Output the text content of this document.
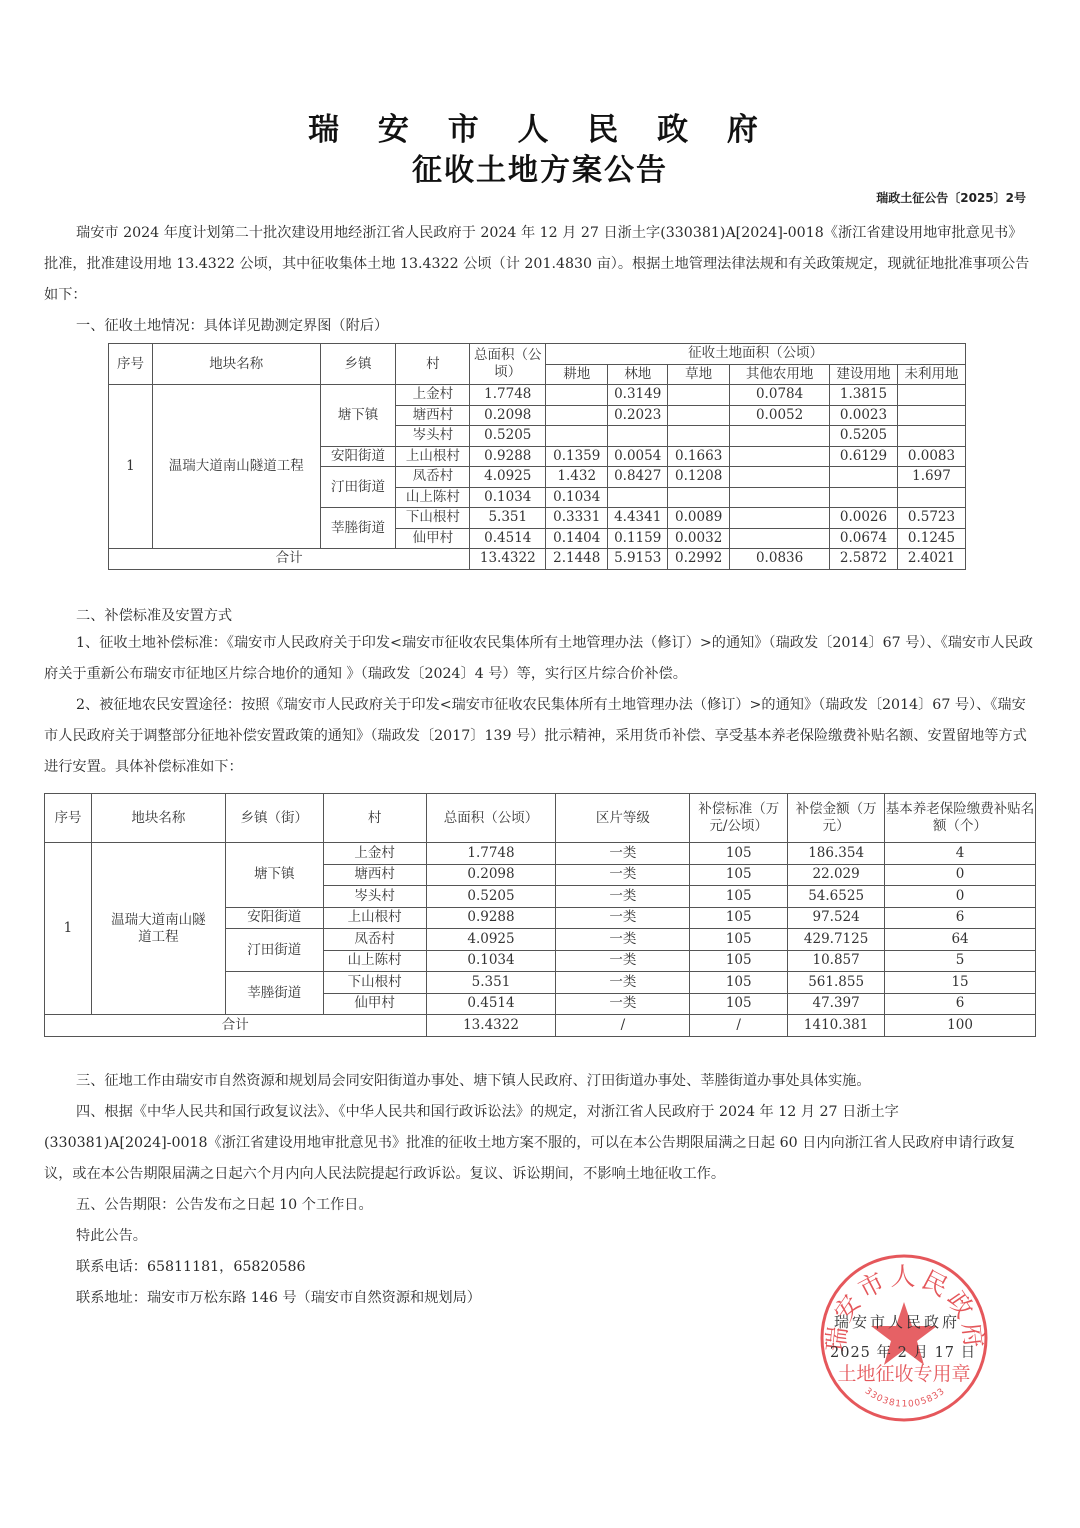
瑞 安 市 人 民 政 府
征收土地方案公告
瑞政土征公告〔2025〕2号
瑞安市 2024 年度计划第二十批次建设用地经浙江省人民政府于 2024 年 12 月 27 日浙土字(330381)A[2024]-0018《浙江省建设用地审批意见书》批准，批准建设用地 13.4322 公顷，其中征收集体土地 13.4322 公顷（计 201.4830 亩）。根据土地管理法律法规和有关政策规定，现就征地批准事项公告如下：
一、征收土地情况：具体详见勘测定界图（附后）
序号	地块名称	乡镇	村	总面积（公顷）	征收土地面积（公顷）					
					耕地	林地	草地	其他农用地	建设用地	未利用地
1	温瑞大道南山隧道工程	塘下镇	上金村	1.7748		0.3149		0.0784	1.3815	
			塘西村	0.2098		0.2023		0.0052	0.0023	
			岑头村	0.5205					0.5205	
		安阳街道	上山根村	0.9288	0.1359	0.0054	0.1663		0.6129	0.0083
		汀田街道	凤岙村	4.0925	1.432	0.8427	0.1208			1.697
			山上陈村	0.1034	0.1034					
		莘塍街道	下山根村	5.351	0.3331	4.4341	0.0089		0.0026	0.5723
			仙甲村	0.4514	0.1404	0.1159	0.0032		0.0674	0.1245
合计				13.4322	2.1448	5.9153	0.2992	0.0836	2.5872	2.4021
二、补偿标准及安置方式
1、征收土地补偿标准：《瑞安市人民政府关于印发<瑞安市征收农民集体所有土地管理办法（修订）>的通知》（瑞政发〔2014〕67 号）、《瑞安市人民政府关于重新公布瑞安市征地区片综合地价的通知 》（瑞政发〔2024〕4 号）等，实行区片综合价补偿。
2、被征地农民安置途径：按照《瑞安市人民政府关于印发<瑞安市征收农民集体所有土地管理办法（修订）>的通知》（瑞政发〔2014〕67 号）、《瑞安市人民政府关于调整部分征地补偿安置政策的通知》（瑞政发〔2017〕139 号）批示精神，采用货币补偿、享受基本养老保险缴费补贴名额、安置留地等方式进行安置。具体补偿标准如下：
序号	地块名称	乡镇（街）	村	总面积（公顷）	区片等级	补偿标准（万元/公顷）	补偿金额（万元）	基本养老保险缴费补贴名额（个）
1	温瑞大道南山隧道工程	塘下镇	上金村	1.7748	一类	105	186.354	4
			塘西村	0.2098	一类	105	22.029	0
			岑头村	0.5205	一类	105	54.6525	0
		安阳街道	上山根村	0.9288	一类	105	97.524	6
		汀田街道	凤岙村	4.0925	一类	105	429.7125	64
			山上陈村	0.1034	一类	105	10.857	5
		莘塍街道	下山根村	5.351	一类	105	561.855	15
			仙甲村	0.4514	一类	105	47.397	6
合计				13.4322	/	/	1410.381	100
三、征地工作由瑞安市自然资源和规划局会同安阳街道办事处、塘下镇人民政府、汀田街道办事处、莘塍街道办事处具体实施。
四、根据《中华人民共和国行政复议法》、《中华人民共和国行政诉讼法》的规定，对浙江省人民政府于 2024 年 12 月 27 日浙土字(330381)A[2024]-0018《浙江省建设用地审批意见书》批准的征收土地方案不服的，可以在本公告期限届满之日起 60 日内向浙江省人民政府申请行政复议，或在本公告期限届满之日起六个月内向人民法院提起行政诉讼。复议、诉讼期间，不影响土地征收工作。
五、公告期限：公告发布之日起 10 个工作日。
特此公告。
联系电话：65811181，65820586
联系地址：瑞安市万松东路 146 号（瑞安市自然资源和规划局）
瑞安市人民政府
土地征收专用章
3303811005833
瑞安市人民政府
2025 年 2 月 17 日
